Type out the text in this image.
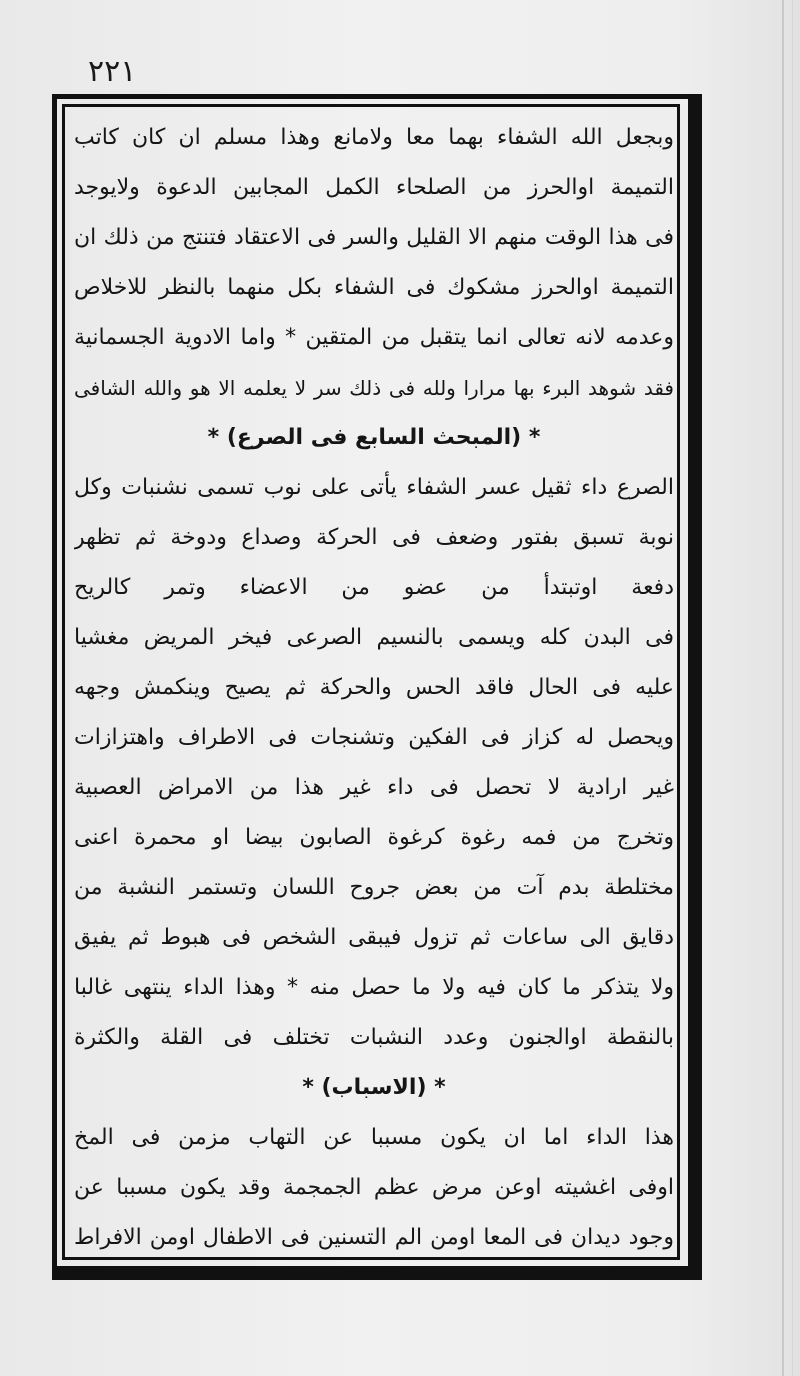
٢٢١
وبجعل الله الشفاء بهما معا ولامانع وهذا مسلم ان كان كاتب
التميمة اوالحرز من الصلحاء الكمل المجابين الدعوة ولايوجد
فى هذا الوقت منهم الا القليل والسر فى الاعتقاد فتنتج من ذلك ان
التميمة اوالحرز مشكوك فى الشفاء بكل منهما بالنظر للاخلاص
وعدمه لانه تعالى انما يتقبل من المتقين * واما الادوية الجسمانية
فقد شوهد البرء بها مرارا ولله فى ذلك سر لا يعلمه الا هو والله الشافى
* (المبحث السابع فى الصرع) *
الصرع داء ثقيل عسر الشفاء يأتى على نوب تسمى نشنبات وكل
نوبة تسبق بفتور وضعف فى الحركة وصداع ودوخة ثم تظهر
دفعة اوتبتدأ من عضو من الاعضاء وتمر كالريح
فى البدن كله ويسمى بالنسيم الصرعى فيخر المريض مغشيا
عليه فى الحال فاقد الحس والحركة ثم يصيح وينكمش وجهه
ويحصل له كزاز فى الفكين وتشنجات فى الاطراف واهتزازات
غير ارادية لا تحصل فى داء غير هذا من الامراض العصبية
وتخرج من فمه رغوة كرغوة الصابون بيضا او محمرة اعنى
مختلطة بدم آت من بعض جروح اللسان وتستمر النشبة من
دقايق الى ساعات ثم تزول فيبقى الشخص فى هبوط ثم يفيق
ولا يتذكر ما كان فيه ولا ما حصل منه * وهذا الداء ينتهى غالبا
بالنقطة اوالجنون وعدد النشبات تختلف فى القلة والكثرة
* (الاسباب) *
هذا الداء اما ان يكون مسببا عن التهاب مزمن فى المخ
اوفى اغشيته اوعن مرض عظم الجمجمة وقد يكون مسببا عن
وجود ديدان فى المعا اومن الم التسنين فى الاطفال اومن الافراط
